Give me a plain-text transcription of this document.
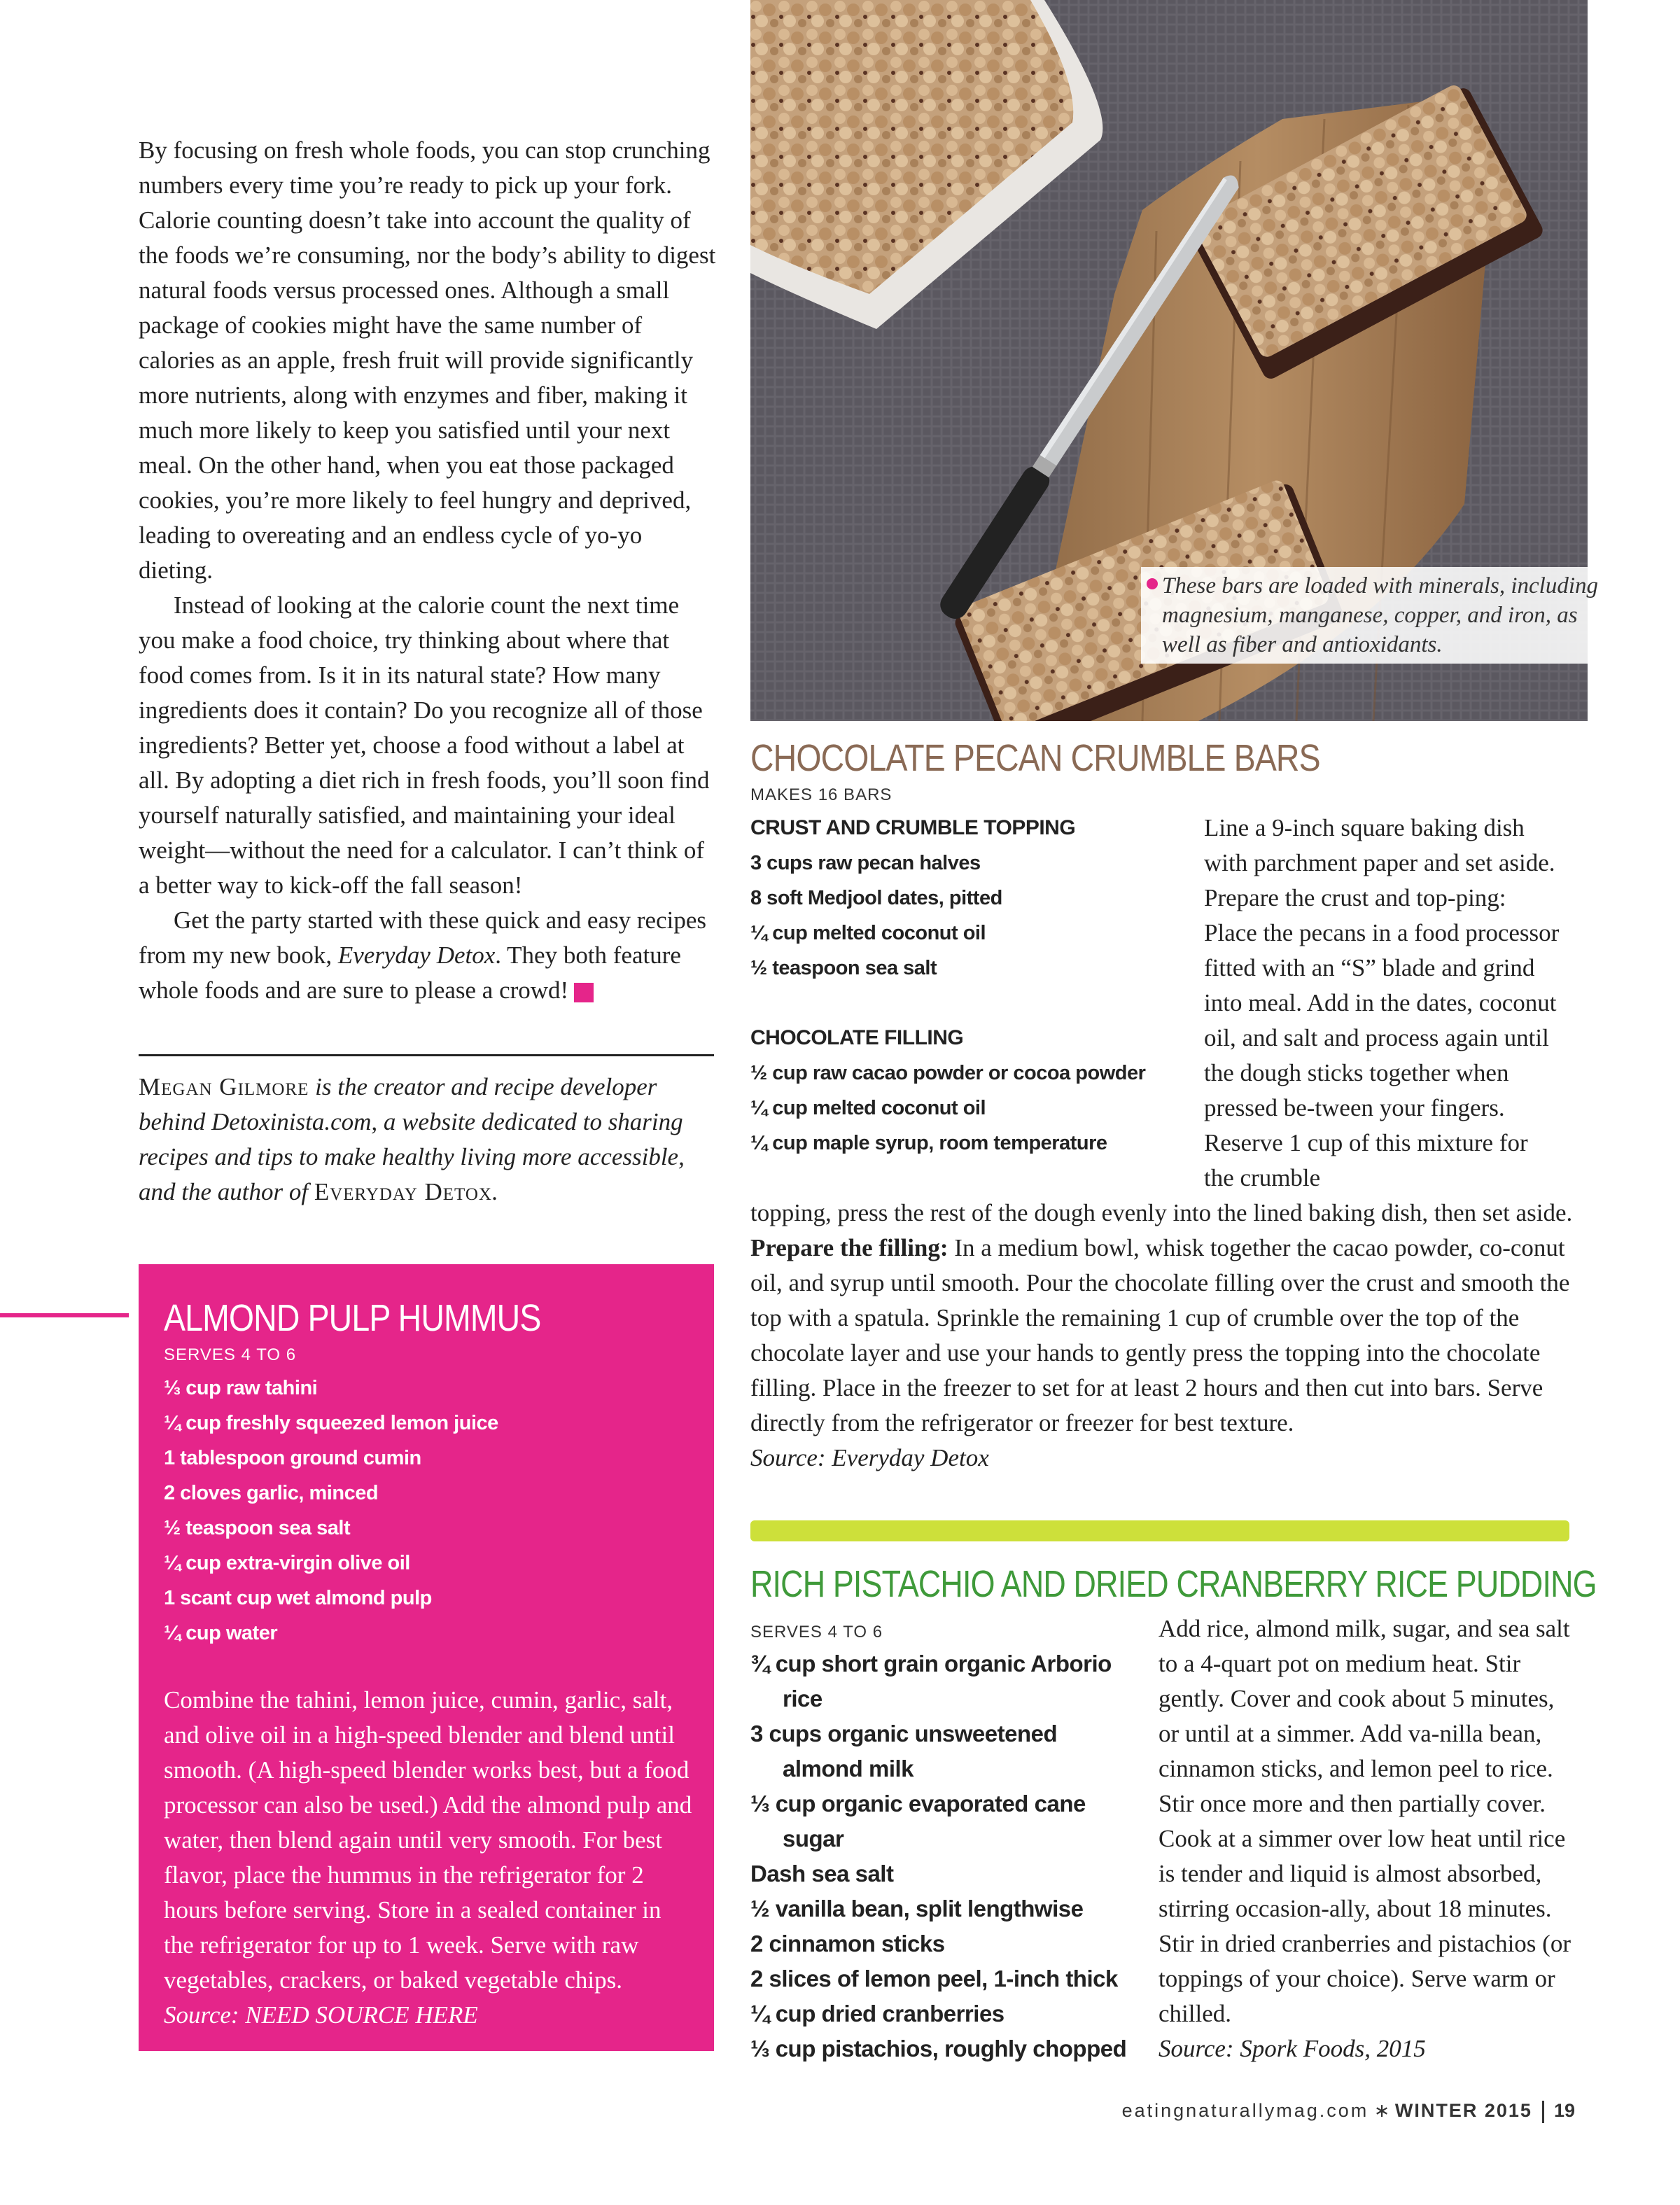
By focusing on fresh whole foods, you can stop crunching numbers every time you’re ready to pick up your fork. Calorie counting doesn’t take into account the quality of the foods we’re consuming, nor the body’s ability to digest natural foods versus processed ones. Although a small package of cookies might have the same number of calories as an apple, fresh fruit will provide significantly more nutrients, along with enzymes and fiber, making it much more likely to keep you satisfied until your next meal. On the other hand, when you eat those packaged cookies, you’re more likely to feel hungry and deprived, leading to overeating and an endless cycle of yo-yo dieting.

Instead of looking at the calorie count the next time you make a food choice, try thinking about where that food comes from. Is it in its natural state? How many ingredients does it contain? Do you recognize all of those ingredients? Better yet, choose a food without a label at all. By adopting a diet rich in fresh foods, you’ll soon find yourself naturally satisfied, and maintaining your ideal weight—without the need for a calculator. I can’t think of a better way to kick-off the fall season!

Get the party started with these quick and easy recipes from my new book, Everyday Detox. They both feature whole foods and are sure to please a crowd!

Megan Gilmore is the creator and recipe developer behind Detoxinista.com, a website dedicated to sharing recipes and tips to make healthy living more accessible, and the author of Everyday Detox.
These bars are loaded with minerals, including magnesium, manganese, copper, and iron, as well as fiber and antioxidants.
CHOCOLATE PECAN CRUMBLE BARS
MAKES 16 BARS
CRUST AND CRUMBLE TOPPING
3 cups raw pecan halves
8 soft Medjool dates, pitted
¼ cup melted coconut oil
½ teaspoon sea salt
CHOCOLATE FILLING
½ cup raw cacao powder or cocoa powder
¼ cup melted coconut oil
¼ cup maple syrup, room temperature
Line a 9-inch square baking dish with parchment paper and set aside. Prepare the crust and top-ping: Place the pecans in a food processor fitted with an “S” blade and grind into meal. Add in the dates, coconut oil, and salt and process again until the dough sticks together when pressed be-tween your fingers. Reserve 1 cup of this mixture for the crumble

topping, press the rest of the dough evenly into the lined baking dish, then set aside.

Prepare the filling: In a medium bowl, whisk together the cacao powder, co-conut oil, and syrup until smooth. Pour the chocolate filling over the crust and smooth the top with a spatula. Sprinkle the remaining 1 cup of crumble over the top of the chocolate layer and use your hands to gently press the topping into the chocolate filling. Place in the freezer to set for at least 2 hours and then cut into bars. Serve directly from the refrigerator or freezer for best texture.

Source: Everyday Detox

RICH PISTACHIO AND DRIED CRANBERRY RICE PUDDING
SERVES 4 TO 6
¾ cup short grain organic Arborio
rice
3 cups organic unsweetened
almond milk
⅓ cup organic evaporated cane
sugar
Dash sea salt
½ vanilla bean, split lengthwise
2 cinnamon sticks
2 slices of lemon peel, 1-inch thick
¼ cup dried cranberries
⅓ cup pistachios, roughly chopped
Add rice, almond milk, sugar, and sea salt to a 4-quart pot on medium heat. Stir gently. Cover and cook about 5 minutes, or until at a simmer. Add va-nilla bean, cinnamon sticks, and lemon peel to rice. Stir once more and then partially cover. Cook at a simmer over low heat until rice is tender and liquid is almost absorbed, stirring occasion-ally, about 18 minutes. Stir in dried cranberries and pistachios (or toppings of your choice). Serve warm or chilled.
Source: Spork Foods, 2015
ALMOND PULP HUMMUS
SERVES 4 TO 6
⅓ cup raw tahini
¼ cup freshly squeezed lemon juice
1 tablespoon ground cumin
2 cloves garlic, minced
½ teaspoon sea salt
¼ cup extra-virgin olive oil
1 scant cup wet almond pulp
¼ cup water
Combine the tahini, lemon juice, cumin, garlic, salt, and olive oil in a high-speed blender and blend until smooth. (A high-speed blender works best, but a food processor can also be used.) Add the almond pulp and water, then blend again until very smooth. For best flavor, place the hummus in the refrigerator for 2 hours before serving. Store in a sealed container in the refrigerator for up to 1 week. Serve with raw vegetables, crackers, or baked vegetable chips.  Source: NEED SOURCE HERE
eatingnaturallymag.com ∗ WINTER 2015 19
